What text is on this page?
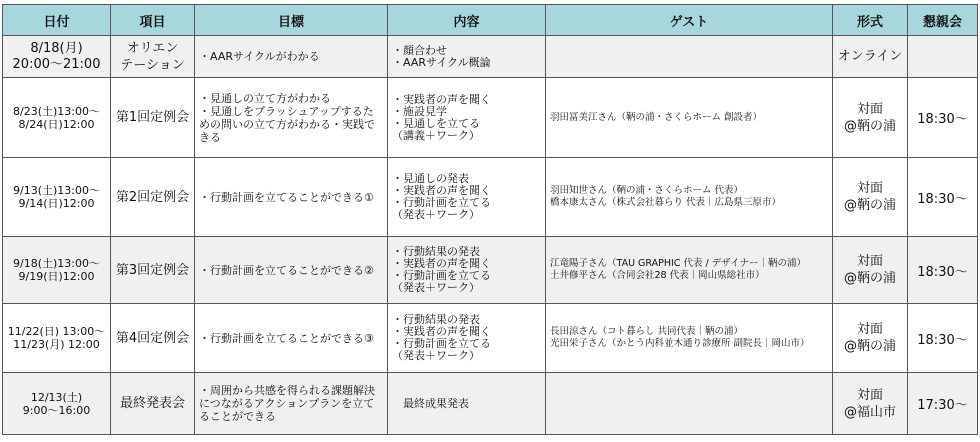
日付	項目	目標	内容	ゲスト	形式	懇親会

8/18(月)
20:00～21:00	オリエン
テーション	・AARサイクルがわかる	・顔合わせ
・AARサイクル概論		オンライン	

8/23(土)13:00～
8/24(日)12:00	第1回定例会	・見通しの立て方がわかる
・見通しをブラッシュアップするための問いの立て方がわかる・実践できる	・実践者の声を聞く
・施設見学
・見通しを立てる
（講義＋ワーク）	羽田冨美江さん（鞆の浦・さくらホーム 創設者）	対面
@鞆の浦	18:30～

9/13(土)13:00～
9/14(日)12:00	第2回定例会	・行動計画を立てることができる①	・見通しの発表
・実践者の声を聞く
・行動計画を立てる
（発表＋ワーク）	羽田知世さん（鞆の浦・さくらホーム 代表）
橋本康太さん（株式会社暮らり 代表｜広島県三原市）	対面
@鞆の浦	18:30～

9/18(土)13:00～
9/19(日)12:00	第3回定例会	・行動計画を立てることができる②	・行動結果の発表
・実践者の声を聞く
・行動計画を立てる
（発表＋ワーク）	江竜陽子さん（TAU GRAPHIC 代表 / デザイナー｜鞆の浦）
土井修平さん（合同会社28 代表｜岡山県総社市）	対面
@鞆の浦	18:30～

11/22(日) 13:00～
11/23(月) 12:00	第4回定例会	・行動計画を立てることができる③	・行動結果の発表
・実践者の声を聞く
・行動計画を立てる
（発表＋ワーク）	長田涼さん（コト暮らし 共同代表｜鞆の浦）
光田栄子さん（かとう内科並木通り診療所 副院長｜岡山市）	対面
@鞆の浦	18:30～

12/13(土)
9:00～16:00	最終発表会	・周囲から共感を得られる課題解決につながるアクションプランを立てることができる	　最終成果発表		対面
@福山市	17:30～
